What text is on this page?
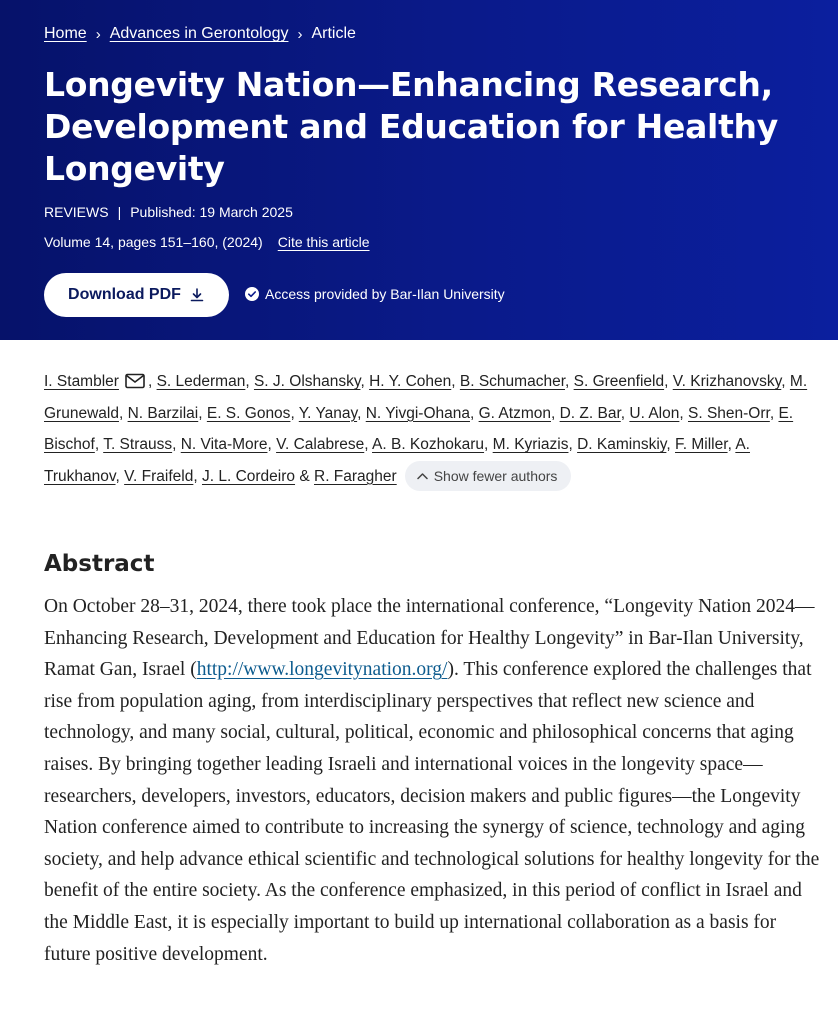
Home › Advances in Gerontology › Article
Longevity Nation—Enhancing Research, Development and Education for Healthy Longevity
REVIEWS | Published: 19 March 2025
Volume 14, pages 151–160, (2024) Cite this article
Download PDF	Access provided by Bar-Ilan University
I. Stambler , S. Lederman, S. J. Olshansky, H. Y. Cohen, B. Schumacher, S. Greenfield, V. Krizhanovsky, M. Grunewald, N. Barzilai, E. S. Gonos, Y. Yanay, N. Yivgi-Ohana, G. Atzmon, D. Z. Bar, U. Alon, S. Shen-Orr, E. Bischof, T. Strauss, N. Vita-More, V. Calabrese, A. B. Kozhokaru, M. Kyriazis, D. Kaminskiy, F. Miller, A. Trukhanov, V. Fraifeld, J. L. Cordeiro & R. Faragher	Show fewer authors
Abstract

On October 28–31, 2024, there took place the international conference, “Longevity Nation 2024— Enhancing Research, Development and Education for Healthy Longevity” in Bar-Ilan University, Ramat Gan, Israel (http://www.longevitynation.org/). This conference explored the challenges that rise from population aging, from interdisciplinary perspectives that reflect new science and technology, and many social, cultural, political, economic and philosophical concerns that aging raises. By bringing together leading Israeli and international voices in the longevity space—researchers, developers, investors, educators, decision makers and public figures—the Longevity Nation conference aimed to contribute to increasing the synergy of science, technology and aging society, and help advance ethical scientific and technological solutions for healthy longevity for the benefit of the entire society. As the conference emphasized, in this period of conflict in Israel and the Middle East, it is especially important to build up international collaboration as a basis for future positive development.
